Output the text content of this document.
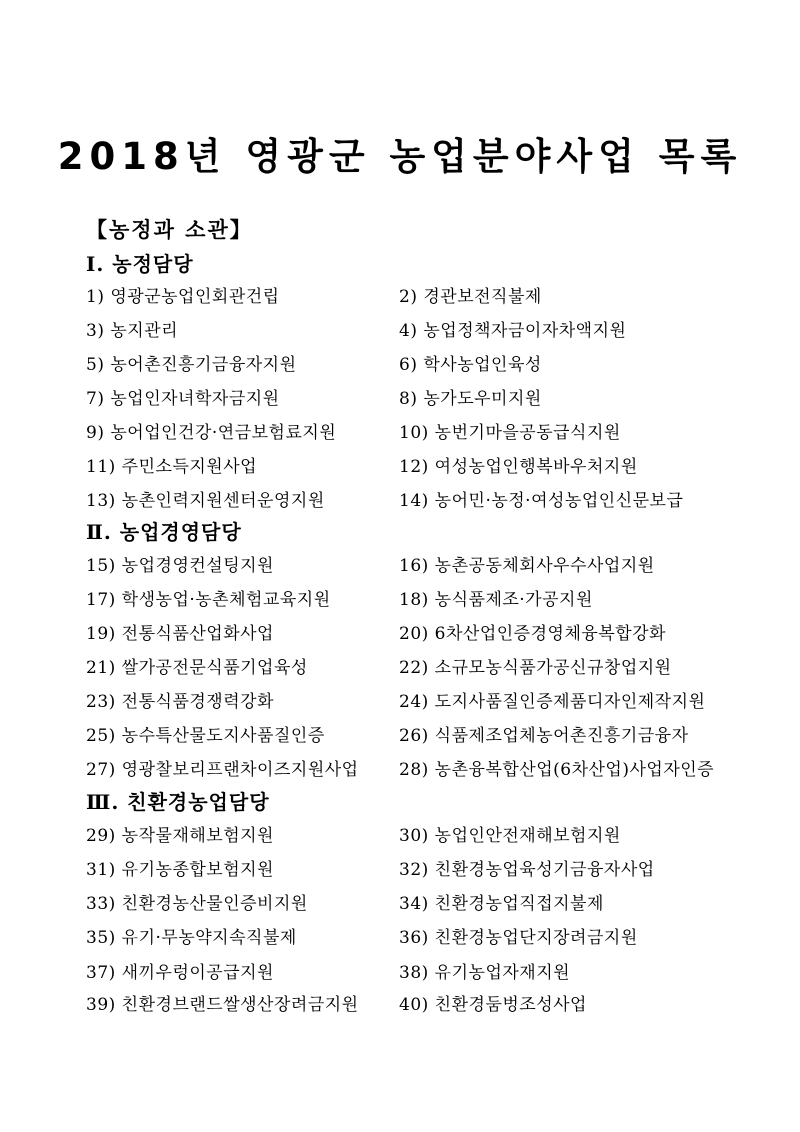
2018년 영광군 농업분야사업 목록
【농정과 소관】
Ⅰ. 농정담당
Ⅱ. 농업경영담당
Ⅲ. 친환경농업담당
1) 영광군농업인회관건립	2) 경관보전직불제
3) 농지관리	4) 농업정책자금이자차액지원
5) 농어촌진흥기금융자지원	6) 학사농업인육성
7) 농업인자녀학자금지원	8) 농가도우미지원
9) 농어업인건강·연금보험료지원	10) 농번기마을공동급식지원
11) 주민소득지원사업	12) 여성농업인행복바우처지원
13) 농촌인력지원센터운영지원	14) 농어민·농정·여성농업인신문보급
15) 농업경영컨설팅지원	16) 농촌공동체회사우수사업지원
17) 학생농업·농촌체험교육지원	18) 농식품제조·가공지원
19) 전통식품산업화사업	20) 6차산업인증경영체융복합강화
21) 쌀가공전문식품기업육성	22) 소규모농식품가공신규창업지원
23) 전통식품경쟁력강화	24) 도지사품질인증제품디자인제작지원
25) 농수특산물도지사품질인증	26) 식품제조업체농어촌진흥기금융자
27) 영광찰보리프랜차이즈지원사업 28) 농촌융복합산업(6차산업)사업자인증
29) 농작물재해보험지원	30) 농업인안전재해보험지원
31) 유기농종합보험지원	32) 친환경농업육성기금융자사업
33) 친환경농산물인증비지원	34) 친환경농업직접지불제
35) 유기·무농약지속직불제	36) 친환경농업단지장려금지원
37) 새끼우렁이공급지원	38) 유기농업자재지원
39) 친환경브랜드쌀생산장려금지원 40) 친환경둠벙조성사업
